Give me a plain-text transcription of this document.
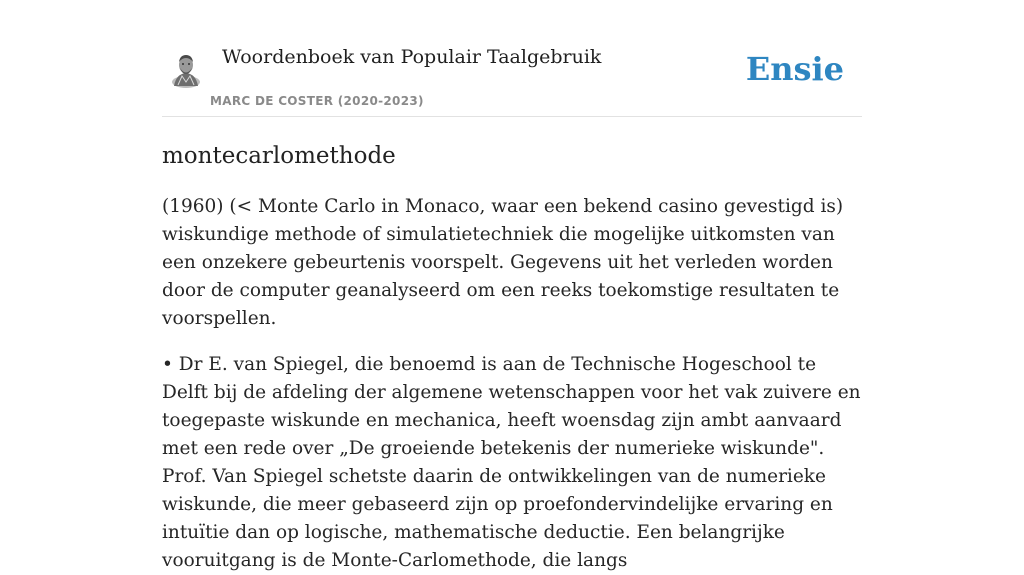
Woordenboek van Populair Taalgebruik
MARC DE COSTER (2020-2023)
Ensie
montecarlomethode

(1960) (< Monte Carlo in Monaco, waar een bekend casino gevestigd is) wiskundige methode of simulatietechniek die mogelijke uitkomsten van een onzekere gebeurtenis voorspelt. Gegevens uit het verleden worden door de computer geanalyseerd om een reeks toekomstige resultaten te voorspellen.

• Dr E. van Spiegel, die benoemd is aan de Technische Hogeschool te Delft bij de afdeling der algemene wetenschappen voor het vak zuivere en toegepaste wiskunde en mechanica, heeft woensdag zijn ambt aanvaard met een rede over „De groeiende betekenis der numerieke wiskunde". Prof. Van Spiegel schetste daarin de ontwikkelingen van de numerieke wiskunde, die meer gebaseerd zijn op proefondervindelijke ervaring en intuïtie dan op logische, mathematische deductie. Een belangrijke vooruitgang is de Monte-Carlomethode, die langs
